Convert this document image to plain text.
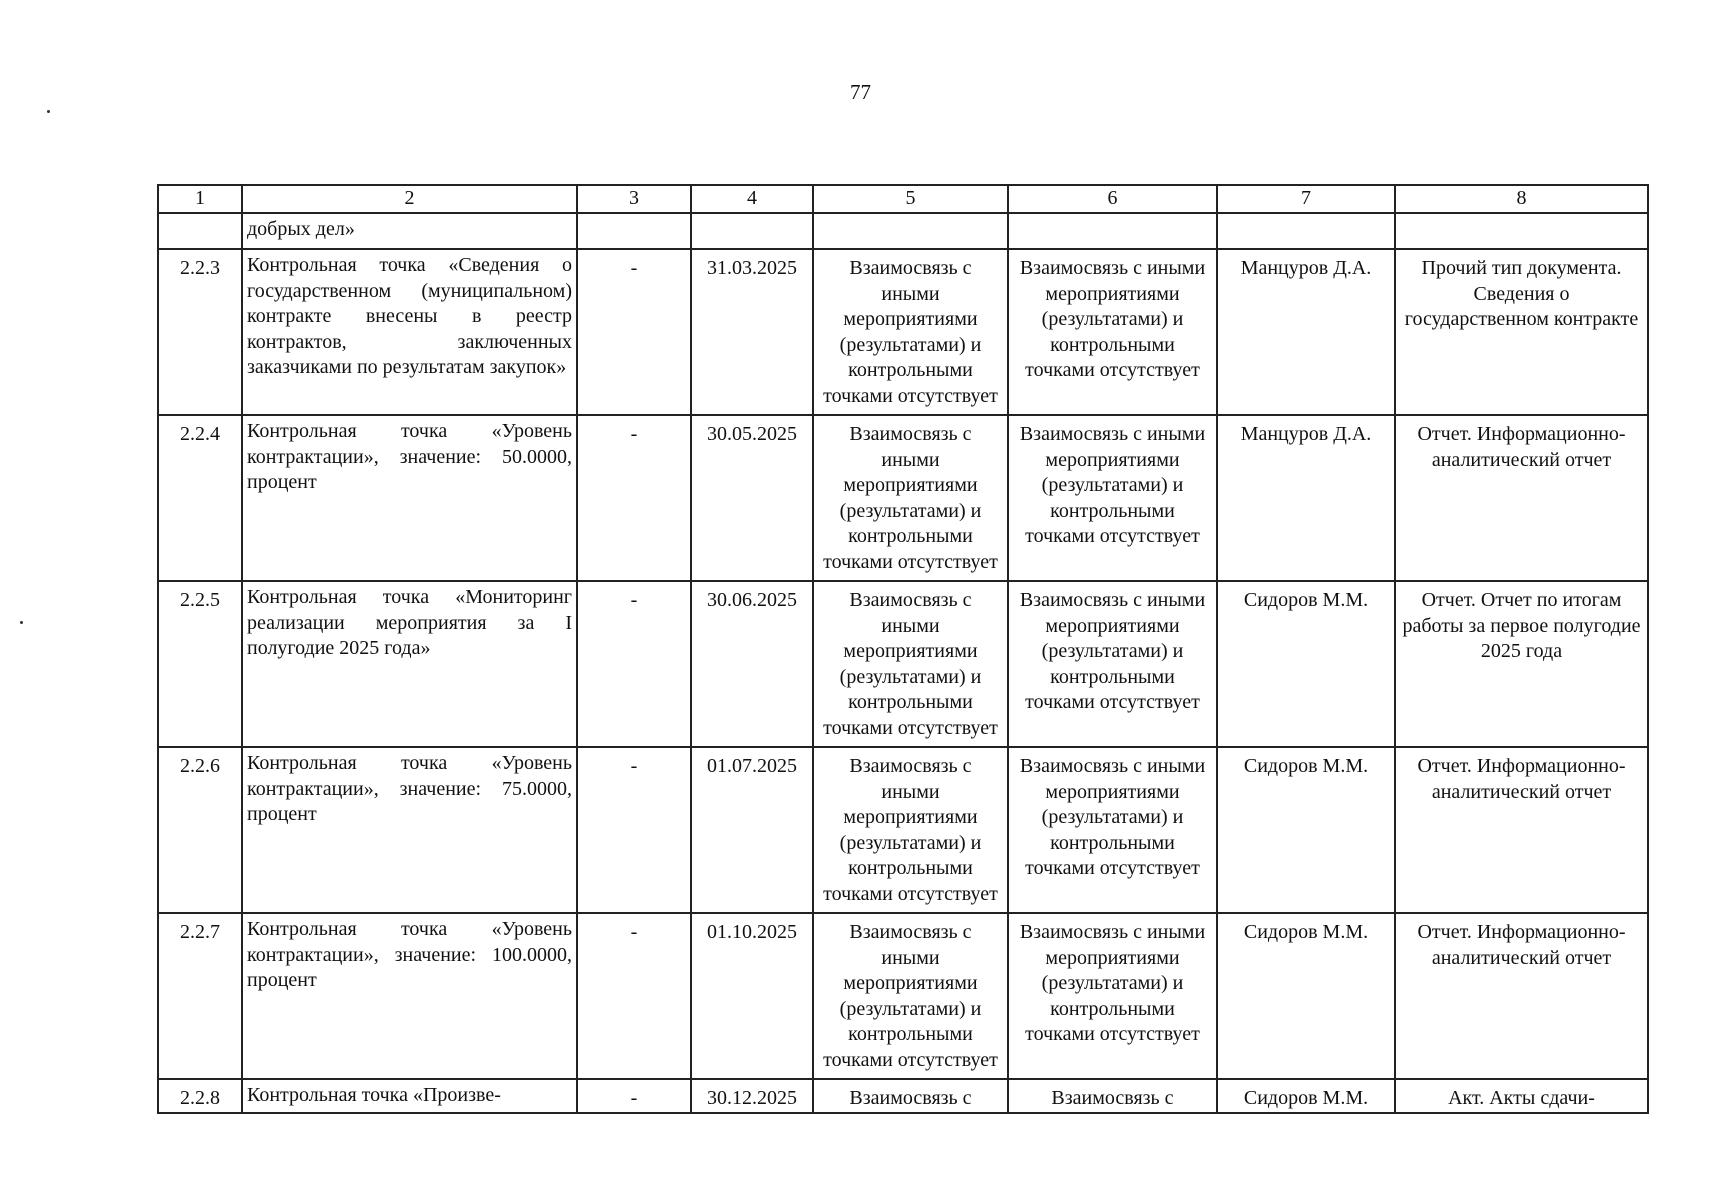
77
1	2	3	4	5	6	7	8
	добрых дел»						
2.2.3	Контрольная точка «Сведения о государственном (муниципальном) контракте внесены в реестр контрактов, заключенных заказчиками по результатам закупок»	-	31.03.2025	Взаимосвязь с иными мероприятиями (результатами) и контрольными точками отсутствует	Взаимосвязь с иными мероприятиями (результатами) и контрольными точками отсутствует	Манцуров Д.А.	Прочий тип документа. Сведения о государственном контракте
2.2.4	Контрольная точка «Уровень контрактации», значение: 50.0000, процент	-	30.05.2025	Взаимосвязь с иными мероприятиями (результатами) и контрольными точками отсутствует	Взаимосвязь с иными мероприятиями (результатами) и контрольными точками отсутствует	Манцуров Д.А.	Отчет. Информационно-аналитический отчет
2.2.5	Контрольная точка «Мониторинг реализации мероприятия за I полугодие 2025 года»	-	30.06.2025	Взаимосвязь с иными мероприятиями (результатами) и контрольными точками отсутствует	Взаимосвязь с иными мероприятиями (результатами) и контрольными точками отсутствует	Сидоров М.М.	Отчет. Отчет по итогам работы за первое полугодие 2025 года
2.2.6	Контрольная точка «Уровень контрактации», значение: 75.0000, процент	-	01.07.2025	Взаимосвязь с иными мероприятиями (результатами) и контрольными точками отсутствует	Взаимосвязь с иными мероприятиями (результатами) и контрольными точками отсутствует	Сидоров М.М.	Отчет. Информационно-аналитический отчет
2.2.7	Контрольная точка «Уровень контрактации», значение: 100.0000, процент	-	01.10.2025	Взаимосвязь с иными мероприятиями (результатами) и контрольными точками отсутствует	Взаимосвязь с иными мероприятиями (результатами) и контрольными точками отсутствует	Сидоров М.М.	Отчет. Информационно-аналитический отчет
2.2.8	Контрольная точка «Произве-	-	30.12.2025	Взаимосвязь с	Взаимосвязь с	Сидоров М.М.	Акт. Акты сдачи-
